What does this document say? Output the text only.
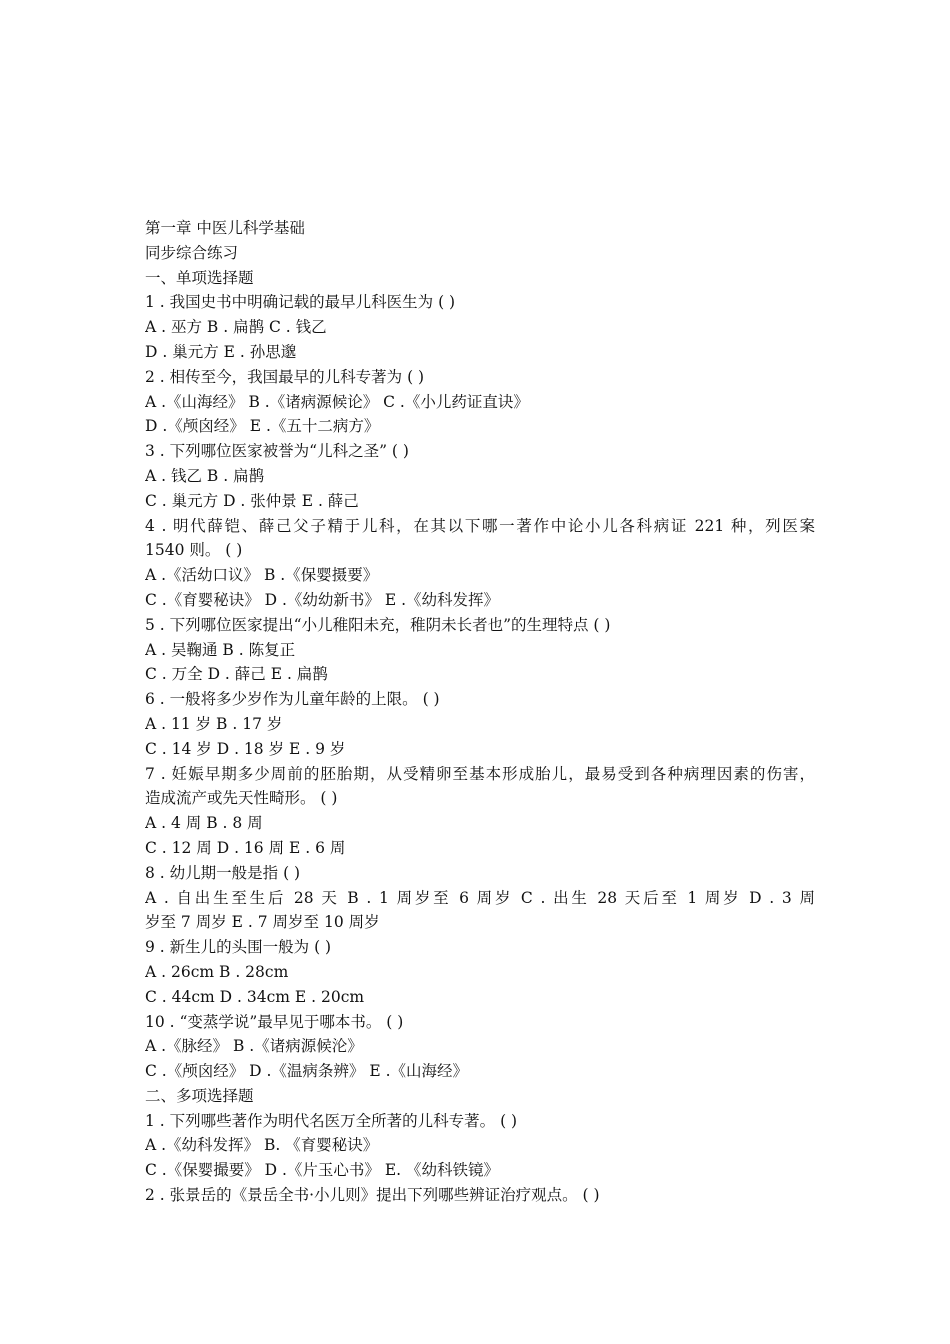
第一章 中医儿科学基础
同步综合练习
一、单项选择题
1 . 我国史书中明确记载的最早儿科医生为 ( )
A . 巫方 B . 扁鹊 C . 钱乙
D . 巢元方 E . 孙思邈
2 . 相传至今，我国最早的儿科专著为 ( )
A .《山海经》 B .《诸病源候论》 C .《小儿药证直诀》
D .《颅囟经》 E .《五十二病方》
3 . 下列哪位医家被誉为“儿科之圣” ( )
A . 钱乙 B . 扁鹊
C . 巢元方 D . 张仲景 E . 薛己
4 . 明代薛铠、薛己父子精于儿科，在其以下哪一著作中论小儿各科病证 221 种，列医案
1540 则。 ( )
A .《活幼口议》 B .《保婴摄要》
C .《育婴秘诀》 D .《幼幼新书》 E .《幼科发挥》
5 . 下列哪位医家提出“小儿稚阳未充，稚阴未长者也”的生理特点 ( )
A . 吴鞠通 B . 陈复正
C . 万全 D . 薛己 E . 扁鹊
6 . 一般将多少岁作为儿童年龄的上限。 ( )
A . 11 岁 B . 17 岁
C . 14 岁 D . 18 岁 E . 9 岁
7 . 妊娠早期多少周前的胚胎期，从受精卵至基本形成胎儿，最易受到各种病理因素的伤害，
造成流产或先天性畸形。 ( )
A . 4 周 B . 8 周
C . 12 周 D . 16 周 E . 6 周
8 . 幼儿期一般是指 ( )
A . 自出生至生后 28 天 B . 1 周岁至 6 周岁 C . 出生 28 天后至 1 周岁 D . 3 周
岁至 7 周岁 E . 7 周岁至 10 周岁
9 . 新生儿的头围一般为 ( )
A . 26cm B . 28cm
C . 44cm D . 34cm E . 20cm
10 . “变蒸学说”最早见于哪本书。 ( )
A .《脉经》 B .《诸病源候沦》
C .《颅囟经》 D .《温病条辨》 E .《山海经》
二、多项选择题
1 . 下列哪些著作为明代名医万全所著的儿科专著。 ( )
A .《幼科发挥》 B. 《育婴秘诀》
C .《保婴撮要》 D .《片玉心书》 E. 《幼科铁镜》
2 . 张景岳的《景岳全书·小儿则》提出下列哪些辨证治疗观点。 ( )
